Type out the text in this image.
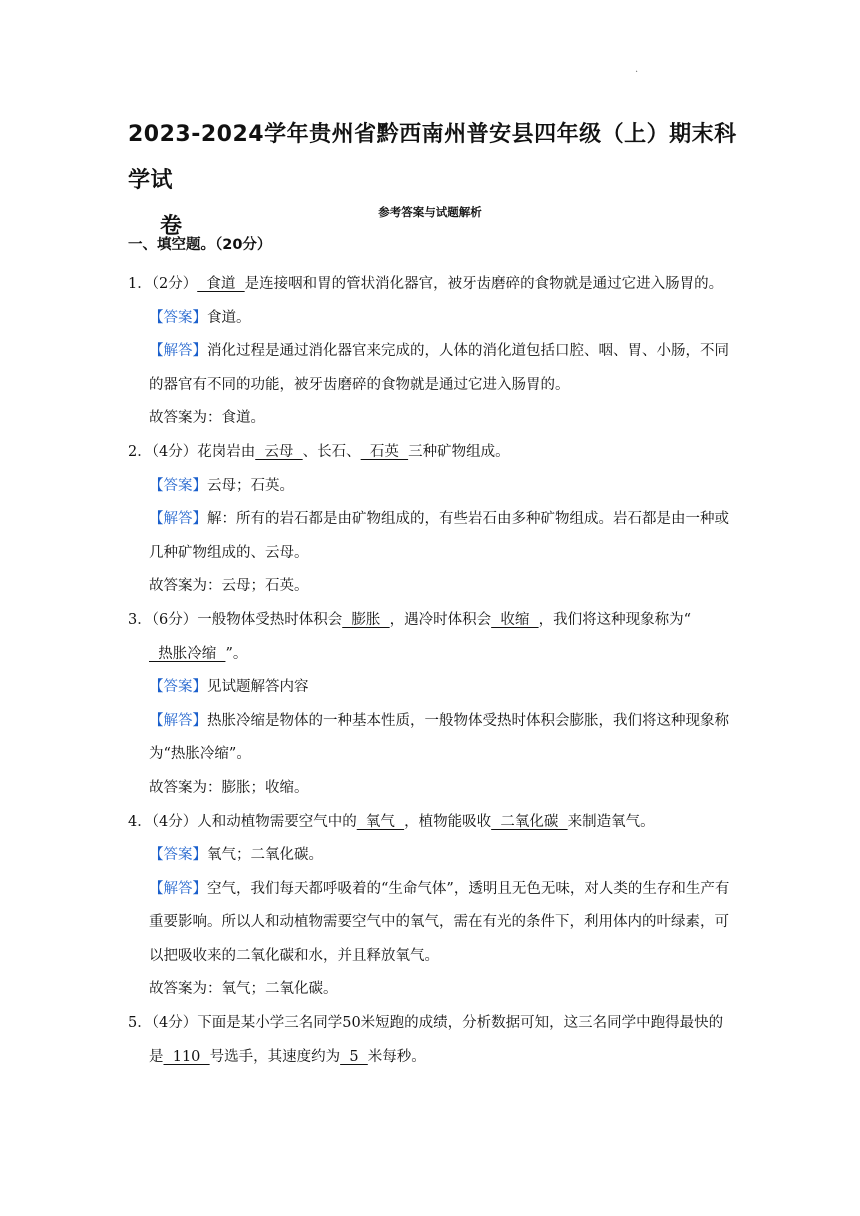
.
2023-2024学年贵州省黔西南州普安县四年级（上）期末科学试
卷
参考答案与试题解析
一、填空题。（20分）
1．（2分）  食道  是连接咽和胃的管状消化器官，被牙齿磨碎的食物就是通过它进入肠胃的。
【答案】食道。
【解答】消化过程是通过消化器官来完成的，人体的消化道包括口腔、咽、胃、小肠，不同的器官有不同的功能，被牙齿磨碎的食物就是通过它进入肠胃的。
故答案为：食道。
2．（4分）花岗岩由  云母  、长石、  石英  三种矿物组成。
【答案】云母；石英。
【解答】解：所有的岩石都是由矿物组成的，有些岩石由多种矿物组成。岩石都是由一种或几种矿物组成的、云母。
故答案为：云母；石英。
3．（6分）一般物体受热时体积会  膨胀  ，遇冷时体积会  收缩  ，我们将这种现象称为“  热胀冷缩  ”。
【答案】见试题解答内容
【解答】热胀冷缩是物体的一种基本性质，一般物体受热时体积会膨胀，我们将这种现象称为“热胀冷缩”。
故答案为：膨胀；收缩。
4．（4分）人和动植物需要空气中的  氧气  ，植物能吸收  二氧化碳  来制造氧气。
【答案】氧气；二氧化碳。
【解答】空气，我们每天都呼吸着的“生命气体”，透明且无色无味，对人类的生存和生产有重要影响。所以人和动植物需要空气中的氧气，需在有光的条件下，利用体内的叶绿素，可以把吸收来的二氧化碳和水，并且释放氧气。
故答案为：氧气；二氧化碳。
5．（4分）下面是某小学三名同学50米短跑的成绩，分析数据可知，这三名同学中跑得最快的是  110  号选手，其速度约为  5  米每秒。
